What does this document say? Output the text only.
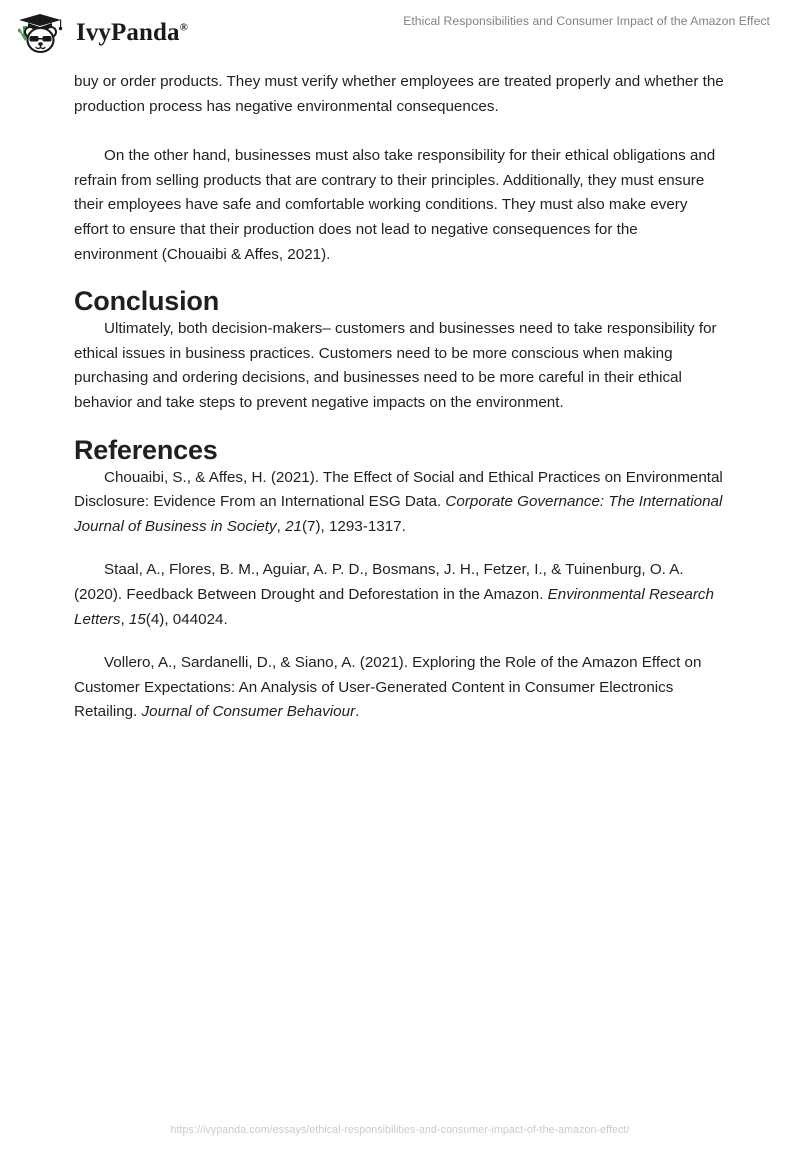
IvyPanda®	Ethical Responsibilities and Consumer Impact of the Amazon Effect

buy or order products. They must verify whether employees are treated properly and whether the production process has negative environmental consequences.

On the other hand, businesses must also take responsibility for their ethical obligations and refrain from selling products that are contrary to their principles. Additionally, they must ensure their employees have safe and comfortable working conditions. They must also make every effort to ensure that their production does not lead to negative consequences for the environment (Chouaibi & Affes, 2021).

Conclusion

Ultimately, both decision-makers– customers and businesses need to take responsibility for ethical issues in business practices. Customers need to be more conscious when making purchasing and ordering decisions, and businesses need to be more careful in their ethical behavior and take steps to prevent negative impacts on the environment.

References

Chouaibi, S., & Affes, H. (2021). The Effect of Social and Ethical Practices on Environmental Disclosure: Evidence From an International ESG Data. Corporate Governance: The International Journal of Business in Society, 21(7), 1293-1317.

Staal, A., Flores, B. M., Aguiar, A. P. D., Bosmans, J. H., Fetzer, I., & Tuinenburg, O. A. (2020). Feedback Between Drought and Deforestation in the Amazon. Environmental Research Letters, 15(4), 044024.

Vollero, A., Sardanelli, D., & Siano, A. (2021). Exploring the Role of the Amazon Effect on Customer Expectations: An Analysis of User-Generated Content in Consumer Electronics Retailing. Journal of Consumer Behaviour.

https://ivypanda.com/essays/ethical-responsibilities-and-consumer-impact-of-the-amazon-effect/
